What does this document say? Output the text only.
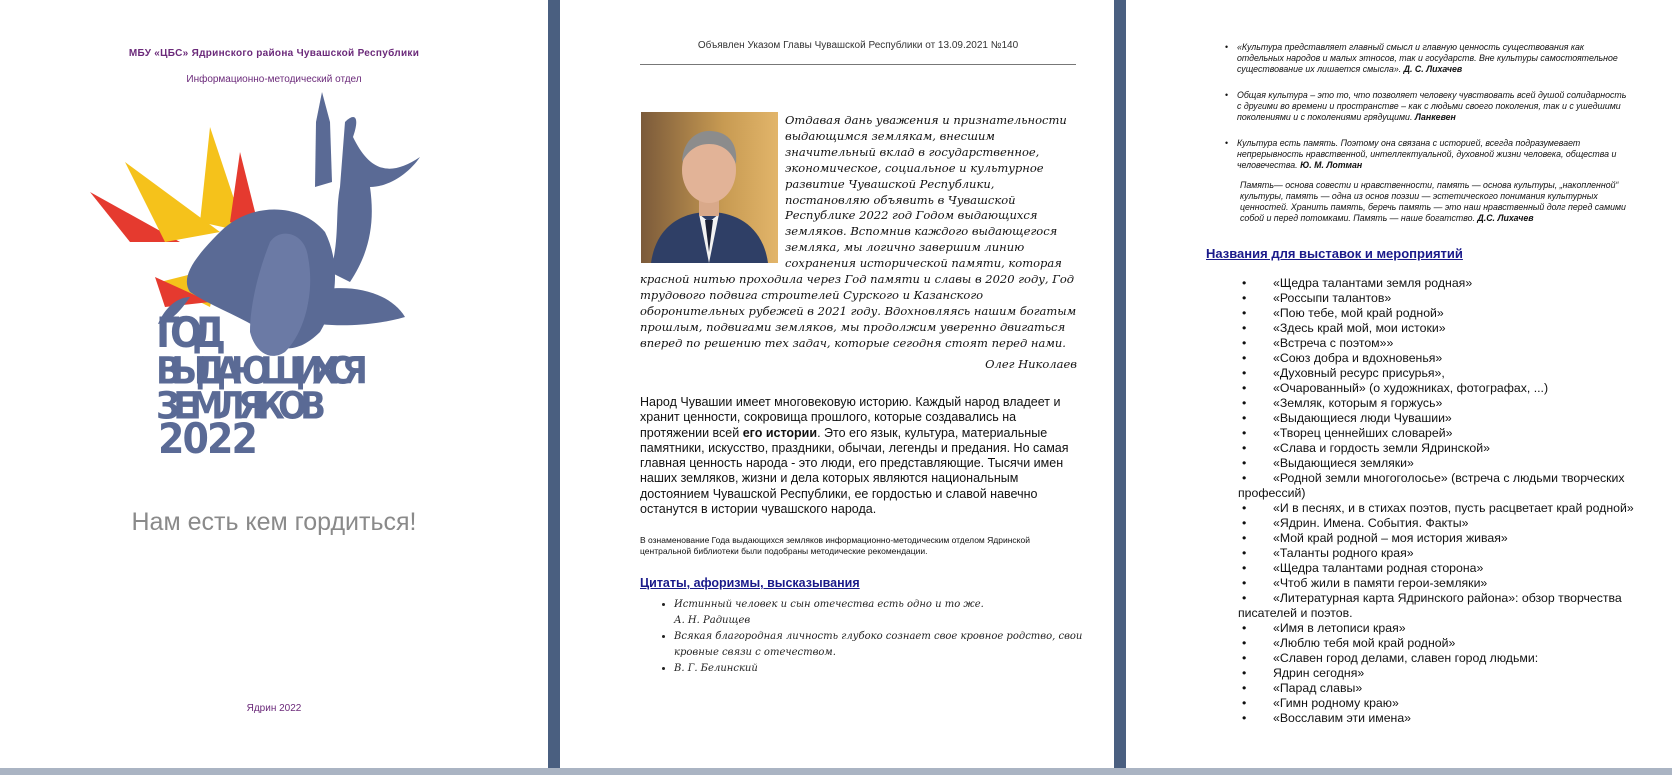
МБУ «ЦБС» Ядринского района Чувашской Республики
Информационно-методический отдел
ГОД
ВЫДАЮЩИХСЯ
ЗЕМЛЯКОВ
2022
Нам есть кем гордиться!
Ядрин 2022
Объявлен Указом Главы Чувашской Республики от 13.09.2021 №140
Отдавая дань уважения и признательности выдающимся землякам, внесшим значительный вклад в государственное, экономическое, социальное и культурное развитие Чувашской Республики, постановляю объявить в Чувашской Республике 2022 год Годом выдающихся земляков. Вспомнив каждого выдающегося земляка, мы логично завершим линию сохранения исторической памяти, которая красной нитью проходила через Год памяти и славы в 2020 году, Год трудового подвига строителей Сурского и Казанского оборонительных рубежей в 2021 году. Вдохновляясь нашим богатым прошлым, подвигами земляков, мы продолжим уверенно двигаться вперед по решению тех задач, которые сегодня стоят перед нами.
Олег Николаев
Народ Чувашии имеет многовековую историю. Каждый народ владеет и хранит ценности, сокровища прошлого, которые создавались на протяжении всей его истории. Это его язык, культура, материальные памятники, искусство, праздники, обычаи, легенды и предания. Но самая главная ценность народа - это люди, его представляющие. Тысячи имен наших земляков, жизни и дела которых являются национальным достоянием Чувашской Республики, ее гордостью и славой навечно останутся в истории чувашского народа.
В ознаменование Года выдающихся земляков информационно-методическим отделом Ядринской центральной библиотеки были подобраны методические рекомендации.
Цитаты, афоризмы, высказывания
• Истинный человек и сын отечества есть одно и то же.
А. Н. Радищев
• Всякая благородная личность глубоко сознает свое кровное родство, свои кровные связи с отечеством.
• В. Г. Белинский
• «Культура представляет главный смысл и главную ценность существования как отдельных народов и малых этносов, так и государств. Вне культуры самостоятельное существование их лишается смысла». Д. С. Лихачев
• Общая культура – это то, что позволяет человеку чувствовать всей душой солидарность с другими во времени и пространстве – как с людьми своего поколения, так и с ушедшими поколениями и с поколениями грядущими. Ланкевен
• Культура есть память. Поэтому она связана с историей, всегда подразумевает непрерывность нравственной, интеллектуальной, духовной жизни человека, общества и человечества. Ю. М. Лотман
Память— основа совести и нравственности, память — основа культуры, „накопленной“ культуры, память — одна из основ поэзии — эстетического понимания культурных ценностей. Хранить память, беречь память — это наш нравственный долг перед самими собой и перед потомками. Память — наше богатство. Д.С. Лихачев
Названия для выставок и мероприятий
• «Щедра талантами земля родная»
• «Россыпи талантов»
• «Пою тебе, мой край родной»
• «Здесь край мой, мои истоки»
• «Встреча с поэтом»»
• «Союз добра и вдохновенья»
• «Духовный ресурс присурья»,
• «Очарованный» (о художниках, фотографах, ...)
• «Земляк, которым я горжусь»
• «Выдающиеся люди Чувашии»
• «Творец ценнейших словарей»
• «Слава и гордость земли Ядринской»
• «Выдающиеся земляки»
• «Родной земли многоголосье» (встреча с людьми творческих профессий)
• «И в песнях, и в стихах поэтов, пусть расцветает край родной»
• «Ядрин. Имена. События. Факты»
• «Мой край родной – моя история живая»
• «Таланты родного края»
• «Щедра талантами родная сторона»
• «Чтоб жили в памяти герои-земляки»
• «Литературная карта Ядринского района»: обзор творчества писателей и поэтов.
• «Имя в летописи края»
• «Люблю тебя мой край родной»
• «Славен город делами, славен город людьми:
• Ядрин сегодня»
• «Парад славы»
• «Гимн родному краю»
• «Восславим эти имена»
